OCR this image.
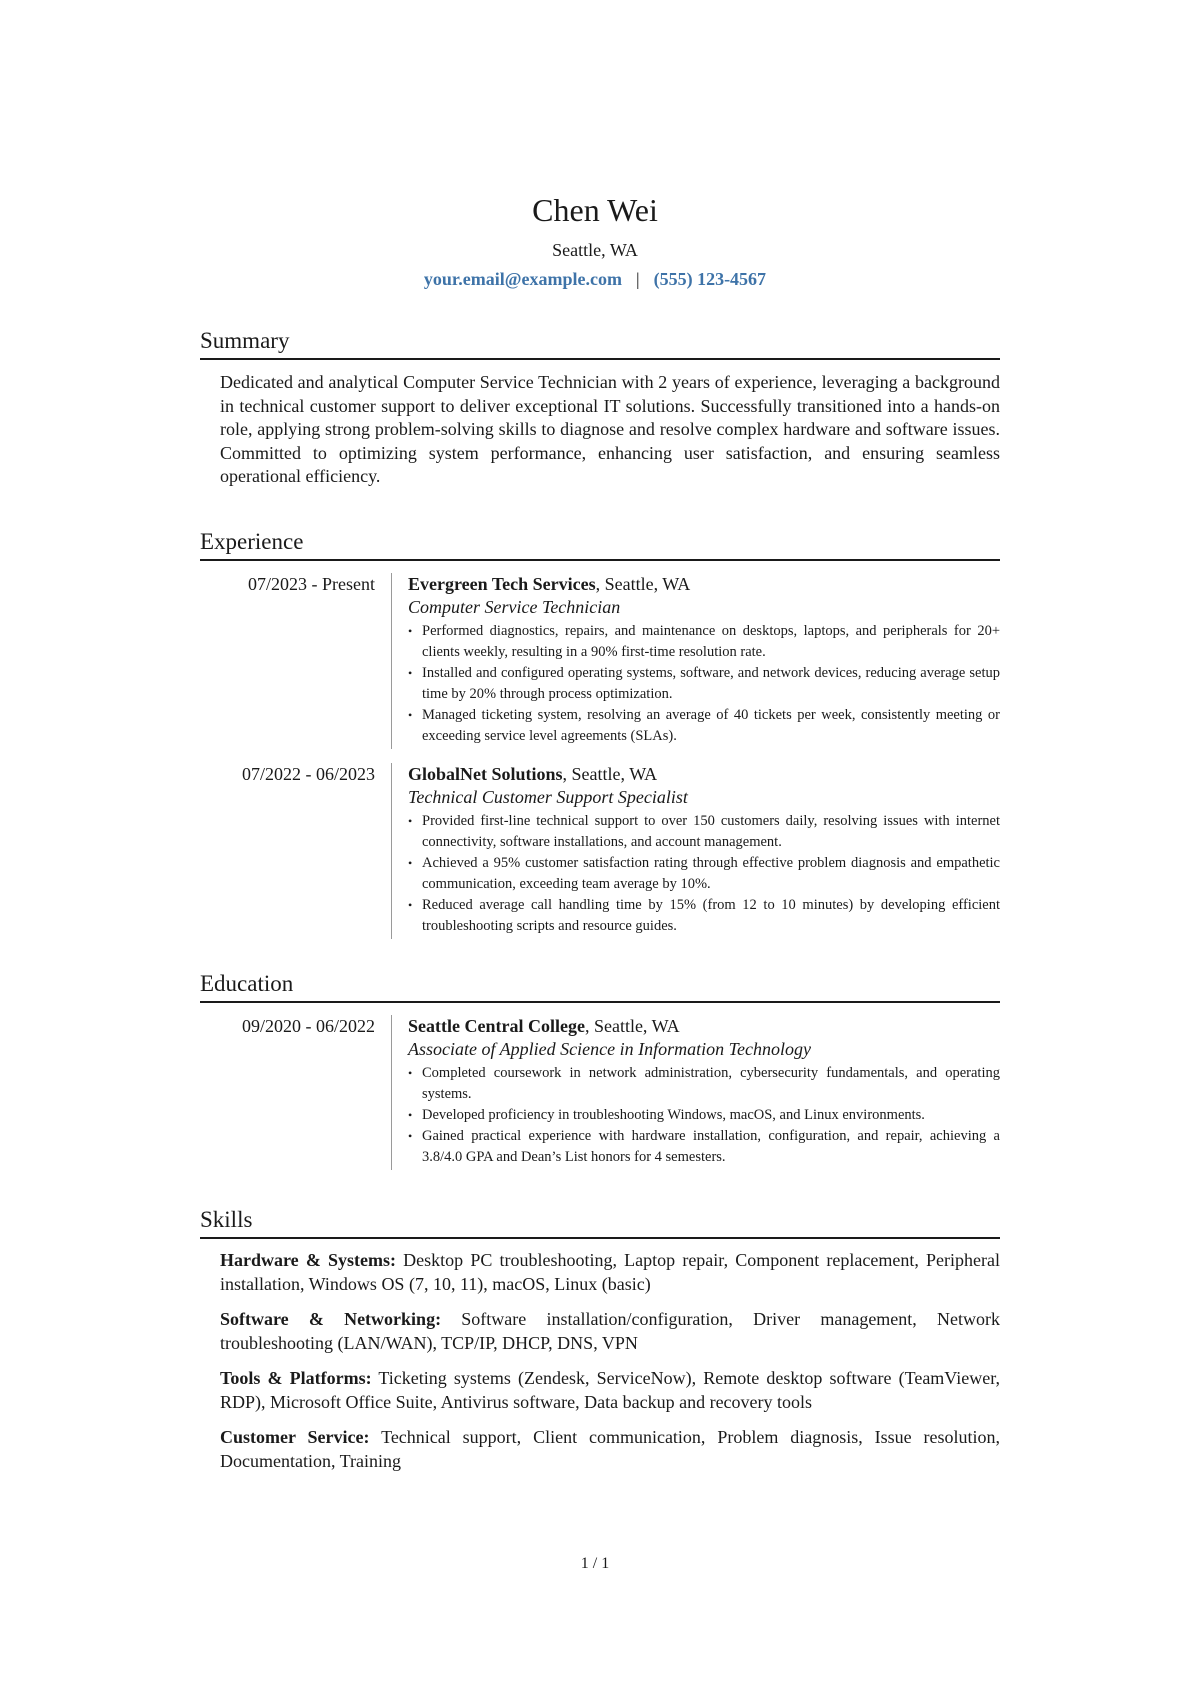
Chen Wei
Seattle, WA
your.email@example.com | (555) 123-4567
Summary

Dedicated and analytical Computer Service Technician with 2 years of experience, leveraging a background in technical customer support to deliver exceptional IT solutions. Successfully transitioned into a hands-on role, applying strong problem-solving skills to diagnose and resolve complex hardware and software issues. Committed to optimizing system performance, enhancing user satisfaction, and ensuring seamless operational efficiency.

Experience
07/2023 - Present Evergreen Tech Services, Seattle, WA
Computer Service Technician
• Performed diagnostics, repairs, and maintenance on desktops, laptops, and peripherals for 20+ clients weekly, resulting in a 90% first-time resolution rate.
• Installed and configured operating systems, software, and network devices, reducing average setup time by 20% through process optimization.
• Managed ticketing system, resolving an average of 40 tickets per week, consistently meeting or exceeding service level agreements (SLAs).
07/2022 - 06/2023 GlobalNet Solutions, Seattle, WA
Technical Customer Support Specialist
• Provided first-line technical support to over 150 customers daily, resolving issues with internet connectivity, software installations, and account management.
• Achieved a 95% customer satisfaction rating through effective problem diagnosis and empathetic communication, exceeding team average by 10%.
• Reduced average call handling time by 15% (from 12 to 10 minutes) by developing efficient troubleshooting scripts and resource guides.
Education
09/2020 - 06/2022 Seattle Central College, Seattle, WA
Associate of Applied Science in Information Technology
• Completed coursework in network administration, cybersecurity fundamentals, and operating systems.
• Developed proficiency in troubleshooting Windows, macOS, and Linux environments.
• Gained practical experience with hardware installation, configuration, and repair, achieving a 3.8/4.0 GPA and Dean’s List honors for 4 semesters.
Skills

Hardware & Systems: Desktop PC troubleshooting, Laptop repair, Component replacement, Peripheral installation, Windows OS (7, 10, 11), macOS, Linux (basic)

Software & Networking: Software installation/configuration, Driver management, Network troubleshooting (LAN/WAN), TCP/IP, DHCP, DNS, VPN

Tools & Platforms: Ticketing systems (Zendesk, ServiceNow), Remote desktop software (TeamViewer, RDP), Microsoft Office Suite, Antivirus software, Data backup and recovery tools

Customer Service: Technical support, Client communication, Problem diagnosis, Issue resolution, Documentation, Training

1 / 1
